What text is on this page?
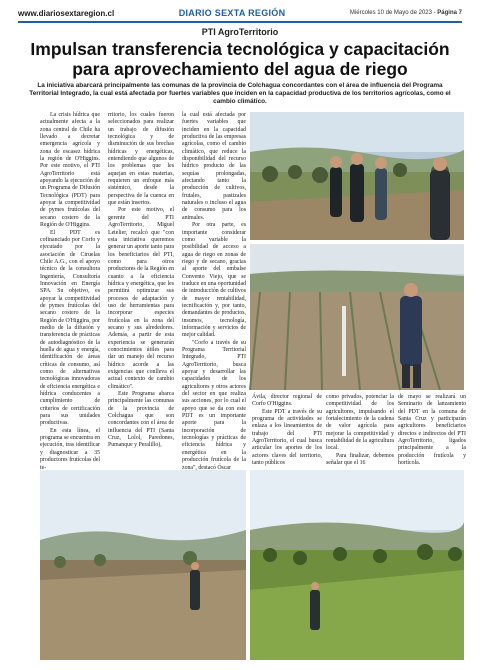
www.diariosextaregion.cl	DIARIO SEXTA REGIÓN	Miércoles 10 de Mayo de 2023 - Página 7
PTI AgroTerritorio
Impulsan transferencia tecnológica y capacitación para aprovechamiento del agua de riego
La iniciativa abarcará principalmente las comunas de la provincia de Colchagua concordantes con el área de influencia del Programa Territorial Integrado, la cual está afectada por fuertes variables que inciden en la capacidad productiva de los territorios agrícolas, como el cambio climático.

La crisis hídrica que actualmente afecta a la zona central de Chile ha llevado a decretar emergencia agrícola y zona de escasez hídrica la región de O'Higgins. Por este motivo, el PTI AgroTerritorio está apoyando la ejecución de un Programa de Difusión Tecnológica (PDT) para apoyar la competitividad de pymes frutícolas del secano costero de la Región de O'Higgins.

El PDT es cofinanciado por Corfo y ejecutado por la asociación de Ciruelas Chile A.G., con el apoyo técnico de la consultora Ingeniería, Consultoría Innovación en Energía SPA. Su objetivo, es apoyar la competitividad de pymes frutícolas del secano costero de la Región de O'Higgins, por medio de la difusión y transferencia de prácticas de autodiagnóstico de la huella de agua y energía, identificación de áreas críticas de consumo, así como de alternativas tecnológicas innovadoras de eficiencia energética e hídrica conducentes a cumplimiento de criterios de certificación para sus unidades productivas.

En esta línea, el programa se encuentra en ejecución, tras identificar y diagnosticar a 35 productores frutícolas del te-

rritorio, los cuales fueron seleccionados para realizar un trabajo de difusión tecnológica y de disminución de sus brechas hídricas y energéticas, entendiendo que algunos de los problemas que les aquejan en estas materias, requieren un enfoque más sistémico, desde la perspectiva de la cuenca en que están insertos.

Por este motivo, el gerente del PTI AgroTerritorio, Miguel Letelier, recalcó que "con esta iniciativa queremos generar un aporte tanto para los beneficiarios del PTI, como para otros productores de la Región en cuanto a la eficiencia hídrica y energética, que les permitirá optimizar sus procesos de adaptación y uso de herramientas para incorporar especies frutícolas en la zona del secano y sus alrededores. Además, a partir de esta experiencia se generarán conocimientos útiles para dar un manejo del recurso hídrico acorde a las exigencias que conlleva el actual contexto de cambio climático".

Este Programa abarca principalmente las comunas de la provincia de Colchagua que son concordantes con el área de influencia del PTI (Santa Cruz, Lolol, Paredones, Pumanque y Peralillo),

la cual está afectada por fuertes variables que inciden en la capacidad productiva de las empresas agrícolas, como el cambio climático, que reduce la disponibilidad del recurso hídrico producto de las sequías prolongadas, afectando tanto la producción de cultivos, frutales, pastizales naturales o incluso el agua de consumo para los animales.

Por otra parte, es importante considerar como variable la posibilidad de acceso a agua de riego en zonas de riego y de secano, gracias al aporte del embalse Convento Viejo, que se traduce en una oportunidad de introducción de cultivos de mayor rentabilidad, tecnificación y, por tanto, demandantes de productos, insumos, tecnología, información y servicios de mejor calidad.

"Corfo a través de su Programa Territorial Integrado, PTI AgroTerritorio, busca apoyar y desarrollar las capacidades de los agricultores y otros actores del sector en que realiza sus acciones, por lo cual el apoyo que se da con este PDT es un importante aporte para la incorporación de tecnologías y prácticas de eficiencia hídrica y energética en la producción frutícola de la zona", destacó Óscar

Ávila, director regional de Corfo O'Higgins.

Este PDT a través de su programa de actividades se enlaza a los lineamientos de trabajo del PTI AgroTerritorio, el cual busca articular los aportes de los actores claves del territorio, tanto públicos

como privados, potenciar la competitividad de los agricultores, impulsando el fortalecimiento de la cadena de valor agrícola para mejorar la competitividad y rentabilidad de la agricultura local.

Para finalizar, debemos señalar que el 16

de mayo se realizará un Seminario de lanzamiento del PDT en la comuna de Santa Cruz y participarán agricultores beneficiarios directos e indirectos del PTI AgroTerritorio, ligados principalmente a la producción frutícola y hortícola.
